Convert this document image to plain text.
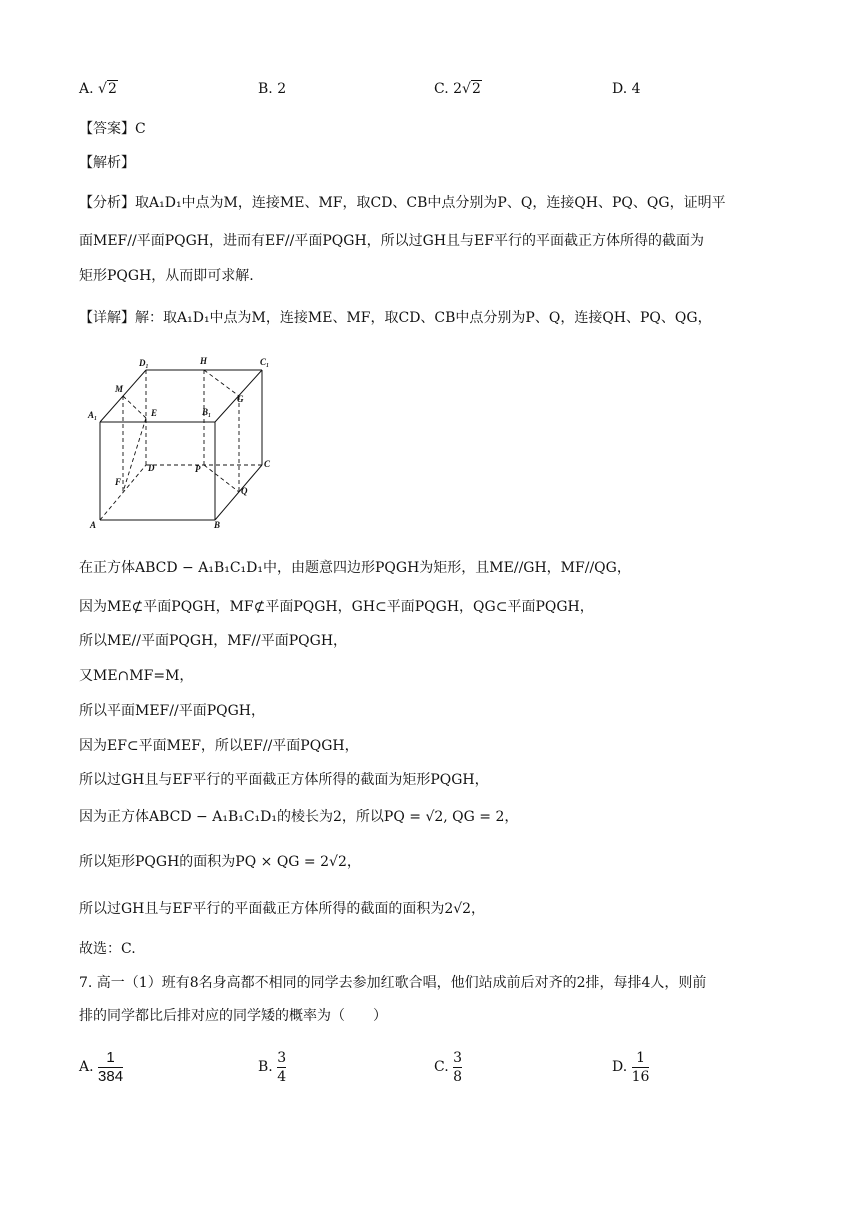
A. √2	B. 2	C. 2√2	D. 4
【答案】C
【解析】
【分析】取A₁D₁中点为M，连接ME、MF，取CD、CB中点分别为P、Q，连接QH、PQ、QG，证明平
面MEF//平面PQGH，进而有EF//平面PQGH，所以过GH且与EF平行的平面截正方体所得的截面为
矩形PQGH，从而即可求解.
【详解】解：取A₁D₁中点为M，连接ME、MF，取CD、CB中点分别为P、Q，连接QH、PQ、QG，
D₁	H	C₁
M
A₁	E	B₁
G
D	P	C
F
Q
A	B
在正方体ABCD − A₁B₁C₁D₁中，由题意四边形PQGH为矩形，且ME//GH，MF//QG，
因为ME⊄平面PQGH，MF⊄平面PQGH，GH⊂平面PQGH，QG⊂平面PQGH，
所以ME//平面PQGH，MF//平面PQGH，
又ME∩MF=M，
所以平面MEF//平面PQGH，
因为EF⊂平面MEF，所以EF//平面PQGH，
所以过GH且与EF平行的平面截正方体所得的截面为矩形PQGH，
因为正方体ABCD − A₁B₁C₁D₁的棱长为2，所以PQ = √2, QG = 2，
所以矩形PQGH的面积为PQ × QG = 2√2，
所以过GH且与EF平行的平面截正方体所得的截面的面积为2√2，
故选：C.
7. 高一（1）班有8名身高都不相同的同学去参加红歌合唱，他们站成前后对齐的2排，每排4人，则前
排的同学都比后排对应的同学矮的概率为（　　）
A. $\frac{1}{384}$	B. $\frac{3}{4}$	C. $\frac{3}{8}$	D. $\frac{1}{16}$
